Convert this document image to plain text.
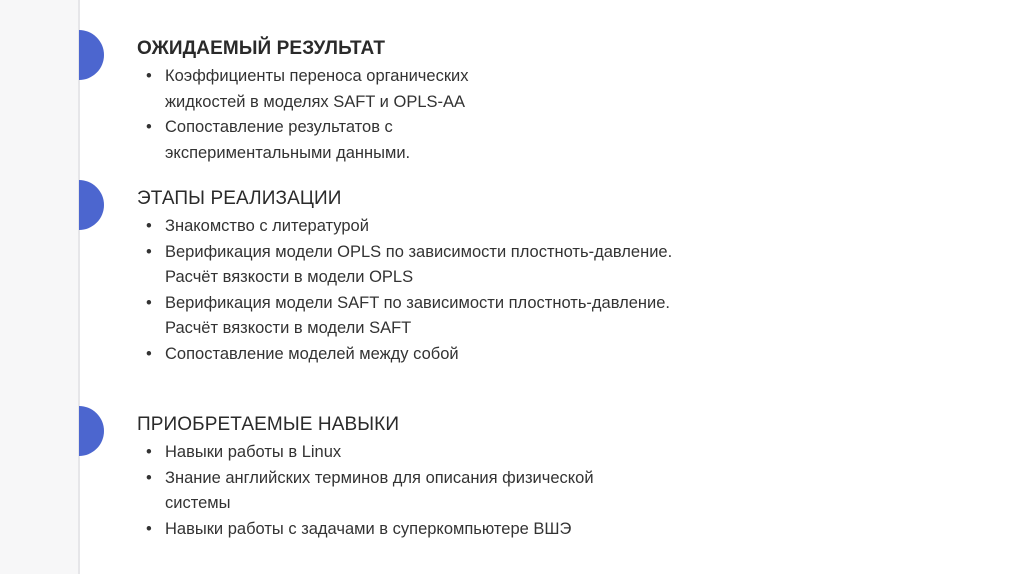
ОЖИДАЕМЫЙ РЕЗУЛЬТАТ
• Коэффициенты переноса органических
жидкостей в моделях SAFT и OPLS-AA
• Сопоставление результатов с
экспериментальными данными.
ЭТАПЫ РЕАЛИЗАЦИИ
• Знакомство с литературой
• Верификация модели OPLS по зависимости плостноть-давление.
Расчёт вязкости в модели OPLS
• Верификация модели SAFT по зависимости плостноть-давление.
Расчёт вязкости в модели SAFT
• Сопоставление моделей между собой
ПРИОБРЕТАЕМЫЕ НАВЫКИ
• Навыки работы в Linux
• Знание английских терминов для описания физической
системы
• Навыки работы с задачами в суперкомпьютере ВШЭ
